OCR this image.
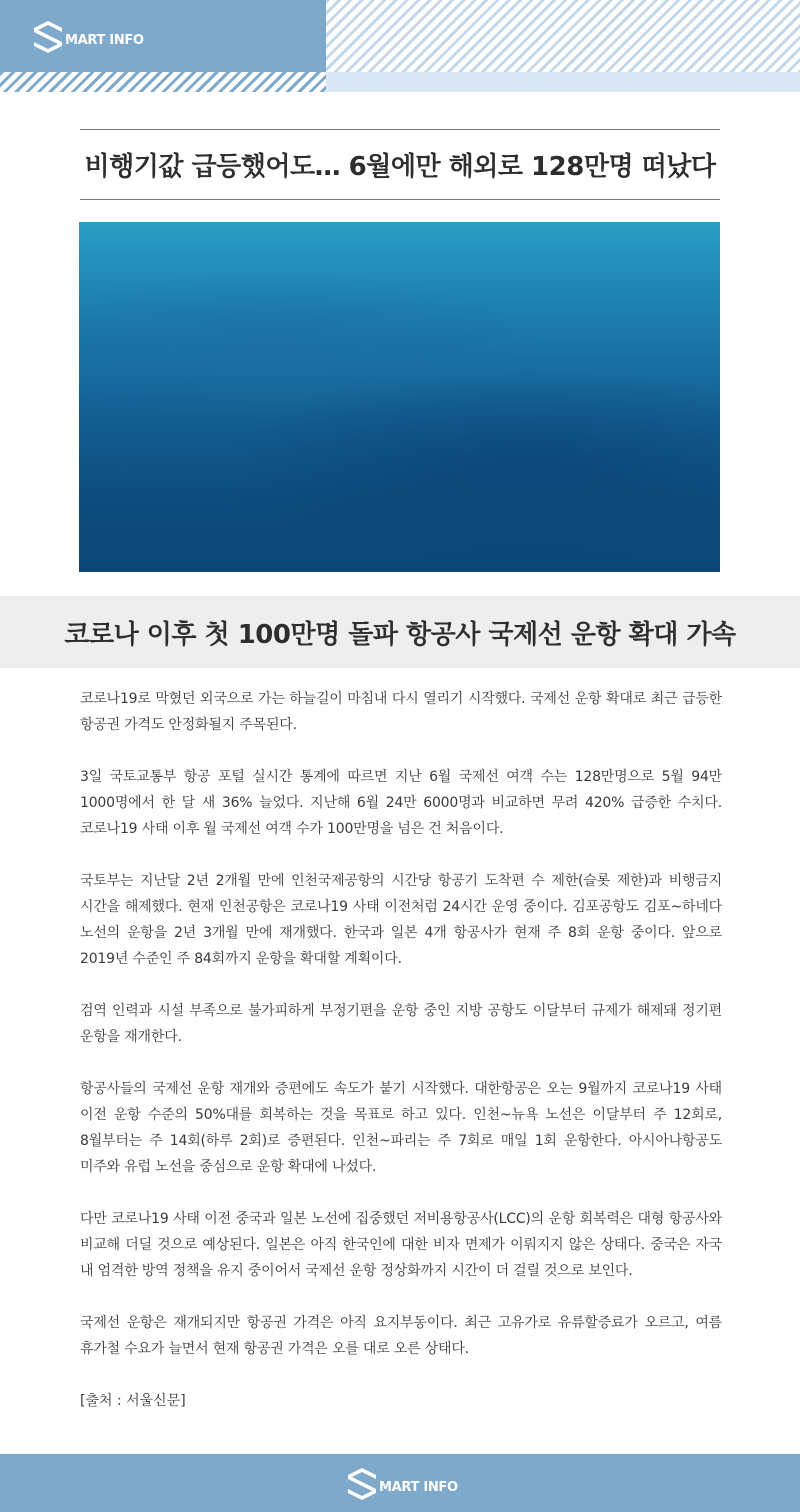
MART INFO
비행기값 급등했어도… 6월에만 해외로 128만명 떠났다
코로나 이후 첫 100만명 돌파 항공사 국제선 운항 확대 가속

코로나19로 막혔던 외국으로 가는 하늘길이 마침내 다시 열리기 시작했다. 국제선 운항 확대로 최근 급등한 항공권 가격도 안정화될지 주목된다.

3일 국토교통부 항공 포털 실시간 통계에 따르면 지난 6월 국제선 여객 수는 128만명으로 5월 94만 1000명에서 한 달 새 36% 늘었다. 지난해 6월 24만 6000명과 비교하면 무려 420% 급증한 수치다. 코로나19 사태 이후 월 국제선 여객 수가 100만명을 넘은 건 처음이다.

국토부는 지난달 2년 2개월 만에 인천국제공항의 시간당 항공기 도착편 수 제한(슬롯 제한)과 비행금지 시간을 해제했다. 현재 인천공항은 코로나19 사태 이전처럼 24시간 운영 중이다. 김포공항도 김포~하네다 노선의 운항을 2년 3개월 만에 재개했다. 한국과 일본 4개 항공사가 현재 주 8회 운항 중이다. 앞으로 2019년 수준인 주 84회까지 운항을 확대할 계획이다.

검역 인력과 시설 부족으로 불가피하게 부정기편을 운항 중인 지방 공항도 이달부터 규제가 해제돼 정기편 운항을 재개한다.

항공사들의 국제선 운항 재개와 증편에도 속도가 붙기 시작했다. 대한항공은 오는 9월까지 코로나19 사태 이전 운항 수준의 50%대를 회복하는 것을 목표로 하고 있다. 인천~뉴욕 노선은 이달부터 주 12회로, 8월부터는 주 14회(하루 2회)로 증편된다. 인천~파리는 주 7회로 매일 1회 운항한다. 아시아나항공도 미주와 유럽 노선을 중심으로 운항 확대에 나섰다.

다만 코로나19 사태 이전 중국과 일본 노선에 집중했던 저비용항공사(LCC)의 운항 회복력은 대형 항공사와 비교해 더딜 것으로 예상된다. 일본은 아직 한국인에 대한 비자 면제가 이뤄지지 않은 상태다. 중국은 자국 내 엄격한 방역 정책을 유지 중이어서 국제선 운항 정상화까지 시간이 더 걸릴 것으로 보인다.

국제선 운항은 재개되지만 항공권 가격은 아직 요지부동이다. 최근 고유가로 유류할증료가 오르고, 여름 휴가철 수요가 늘면서 현재 항공권 가격은 오를 대로 오른 상태다.

[출처 : 서울신문]

MART INFO
